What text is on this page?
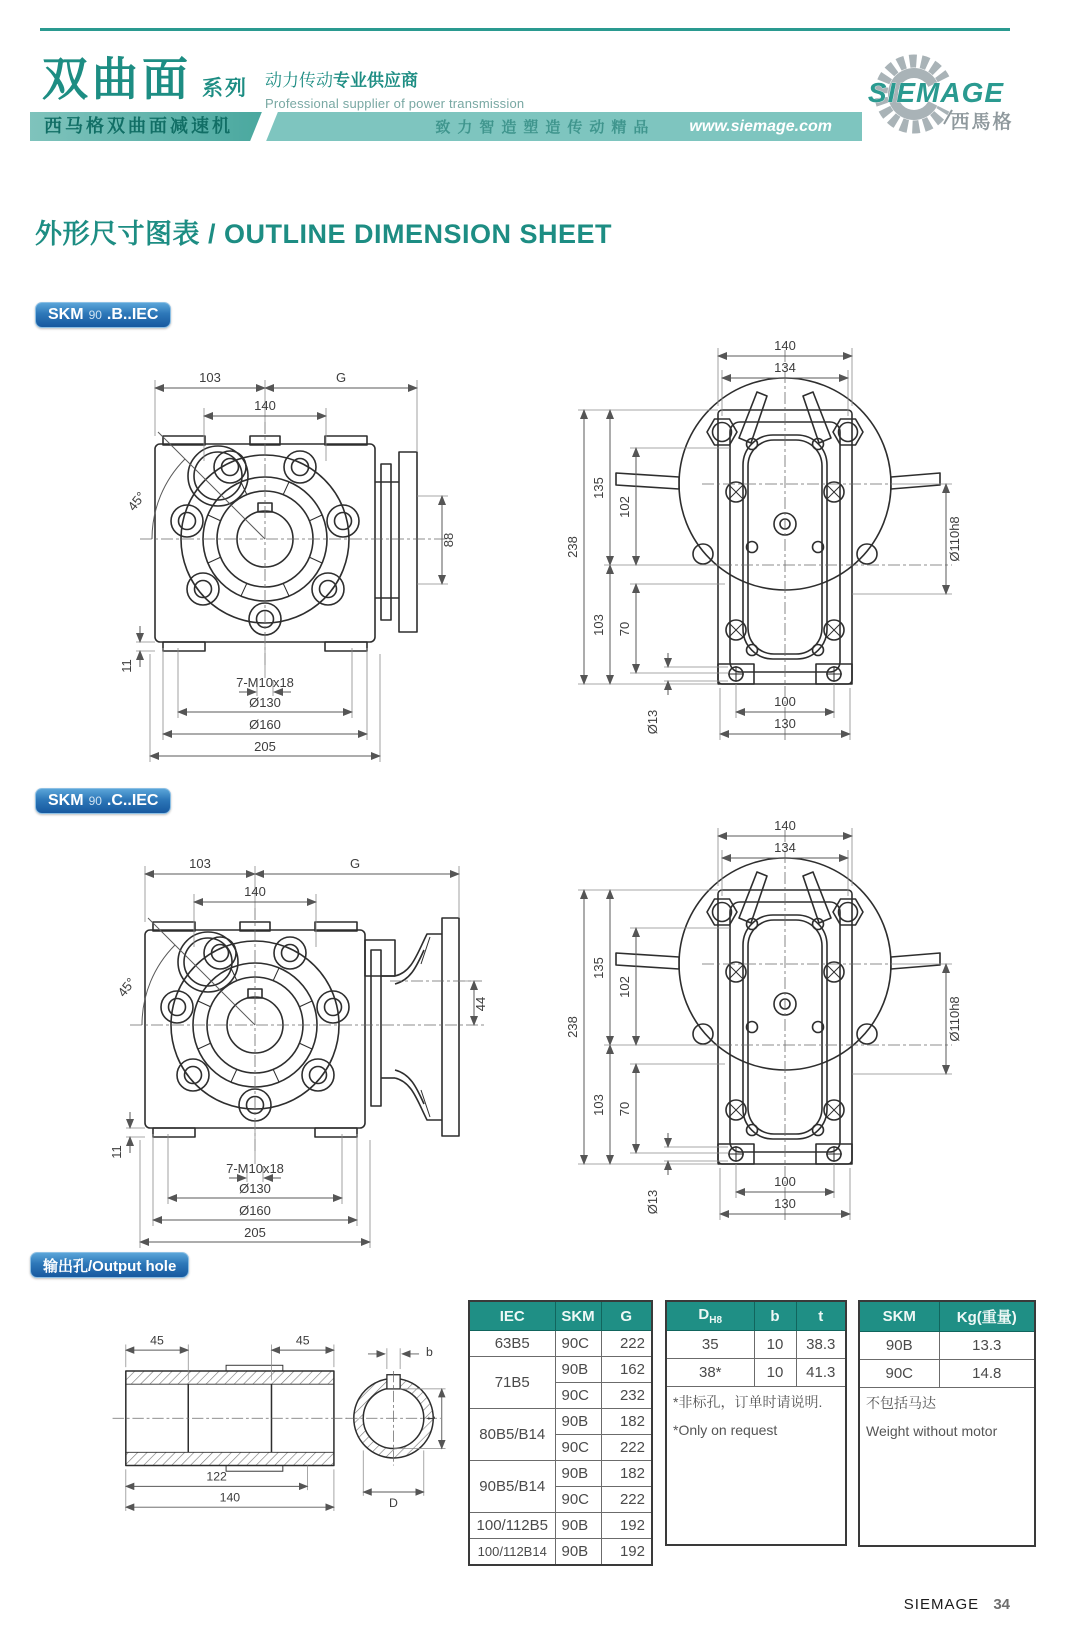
双曲面 系列 动力传动专业供应商
Professional supplier of power transmission
西马格双曲面减速机	致力智造塑造传动精品 www.siemage.com
SIEMAGE
西馬格
外形尺寸图表 / OUTLINE DIMENSION SHEET
SKM 90 .B..IEC
SKM 90 .C..IEC
输出孔/Output hole
45°
103	G
140
88
11
7-M10x18
Ø130
Ø160
205
140
134
238
135
103
102
70
Ø110h8
Ø13
100
130
45°
103	G
140
44
11
7-M10x18
Ø130
Ø160
205
140
134
238
135
103
102
70
Ø110h8
Ø13
100
130
45	45
122
140
b
t
D
IEC	SKM	G
63B5	90C	222
71B5	90B	162
	90C	232
80B5/B14	90B	182
	90C	222
90B5/B14	90B	182
	90C	222
100/112B5	90B	192
100/112B14	90B	192
$D_{H8}$	b	t
35	10	38.3
38*	10	41.3
*非标孔，订单时请说明.
*Only on request		
SKM	Kg(重量)
90B	13.3
90C	14.8
不包括马达
Weight without motor	
SIEMAGE 34
